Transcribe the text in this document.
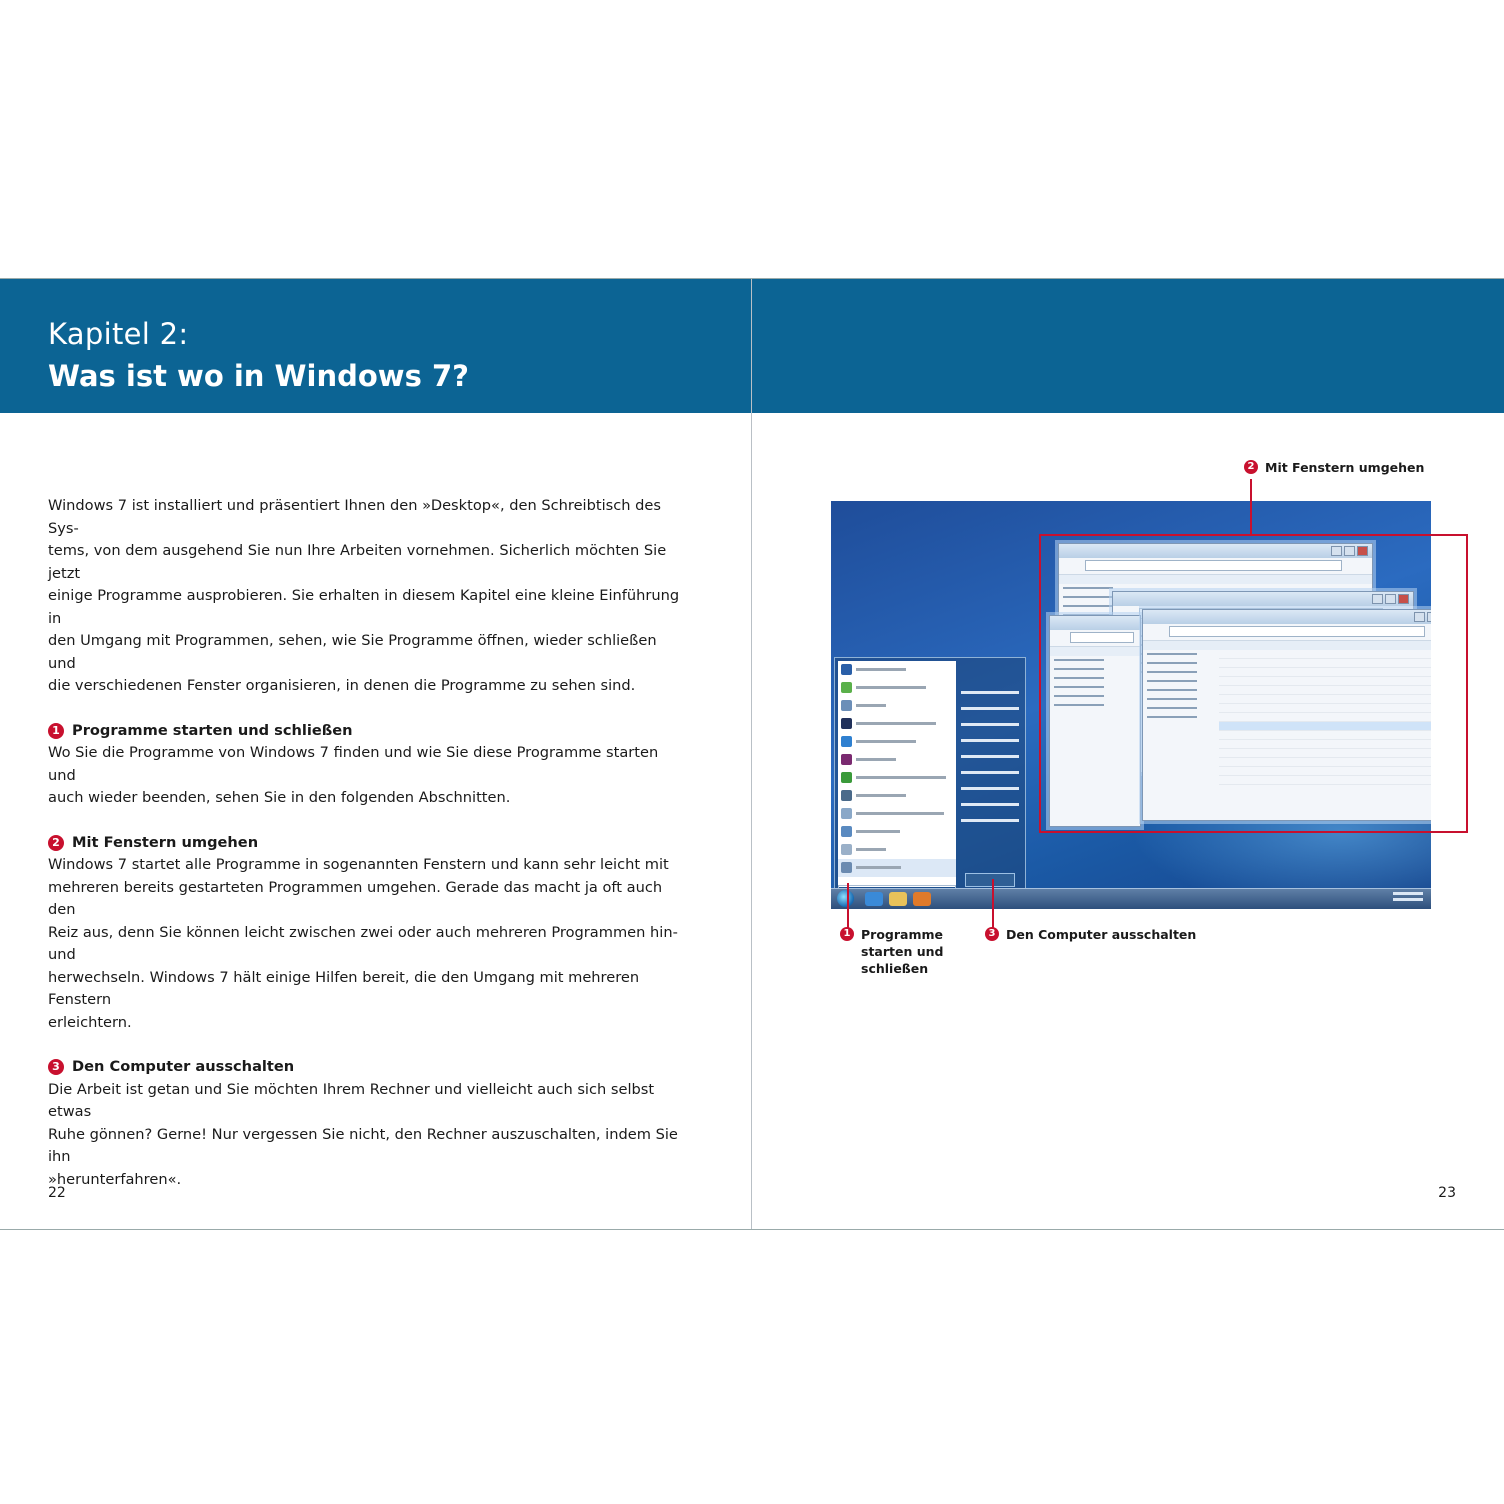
Kapitel 2:
Was ist wo in Windows 7?

Windows 7 ist installiert und präsentiert Ihnen den »Desktop«, den Schreibtisch des Sys-
tems, von dem ausgehend Sie nun Ihre Arbeiten vornehmen. Sicherlich möchten Sie jetzt
einige Programme ausprobieren. Sie erhalten in diesem Kapitel eine kleine Einführung in
den Umgang mit Programmen, sehen, wie Sie Programme öffnen, wieder schließen und
die verschiedenen Fenster organisieren, in denen die Programme zu sehen sind.

1 Programme starten und schließen
Wo Sie die Programme von Windows 7 finden und wie Sie diese Programme starten und
auch wieder beenden, sehen Sie in den folgenden Abschnitten.

2 Mit Fenstern umgehen
Windows 7 startet alle Programme in sogenannten Fenstern und kann sehr leicht mit
mehreren bereits gestarteten Programmen umgehen. Gerade das macht ja oft auch den
Reiz aus, denn Sie können leicht zwischen zwei oder auch mehreren Programmen hin- und
herwechseln. Windows 7 hält einige Hilfen bereit, die den Umgang mit mehreren Fenstern
erleichtern.

3 Den Computer ausschalten
Die Arbeit ist getan und Sie möchten Ihrem Rechner und vielleicht auch sich selbst etwas
Ruhe gönnen? Gerne! Nur vergessen Sie nicht, den Rechner auszuschalten, indem Sie ihn
»herunterfahren«.

22
2 Mit Fenstern umgehen
1 Programme
starten und
schließen
3 Den Computer ausschalten
23
